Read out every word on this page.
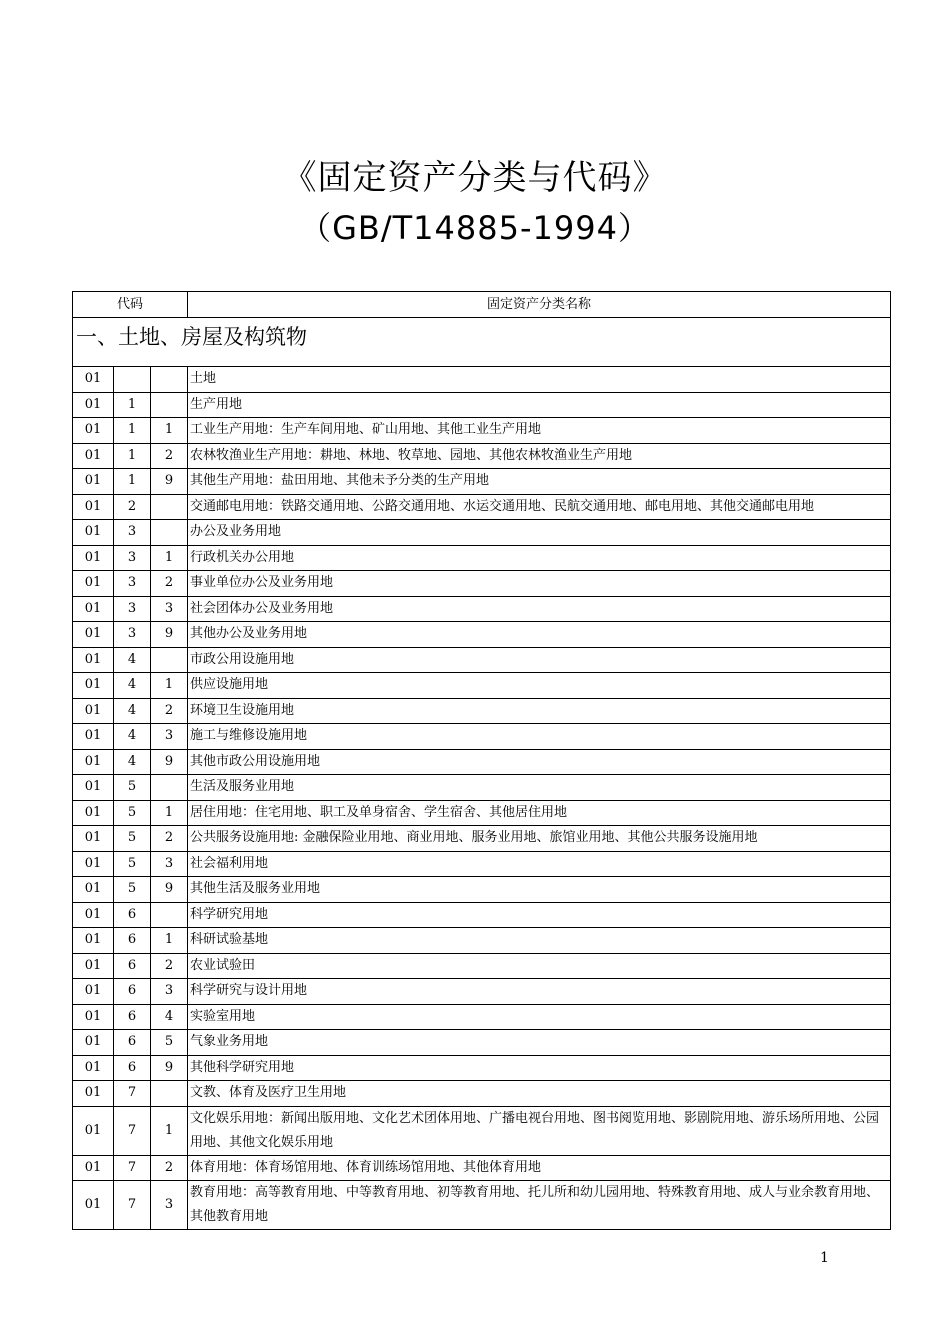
《固定资产分类与代码》
（GB/T14885-1994）
代码			固定资产分类名称
一、土地、房屋及构筑物			
01			土地
01	1		生产用地
01	1	1	工业生产用地：生产车间用地、矿山用地、其他工业生产用地
01	1	2	农林牧渔业生产用地：耕地、林地、牧草地、园地、其他农林牧渔业生产用地
01	1	9	其他生产用地：盐田用地、其他未予分类的生产用地
01	2		交通邮电用地：铁路交通用地、公路交通用地、水运交通用地、民航交通用地、邮电用地、其他交通邮电用地
01	3		办公及业务用地
01	3	1	行政机关办公用地
01	3	2	事业单位办公及业务用地
01	3	3	社会团体办公及业务用地
01	3	9	其他办公及业务用地
01	4		市政公用设施用地
01	4	1	供应设施用地
01	4	2	环境卫生设施用地
01	4	3	施工与维修设施用地
01	4	9	其他市政公用设施用地
01	5		生活及服务业用地
01	5	1	居住用地：住宅用地、职工及单身宿舍、学生宿舍、其他居住用地
01	5	2	公共服务设施用地: 金融保险业用地、商业用地、服务业用地、旅馆业用地、其他公共服务设施用地
01	5	3	社会福利用地
01	5	9	其他生活及服务业用地
01	6		科学研究用地
01	6	1	科研试验基地
01	6	2	农业试验田
01	6	3	科学研究与设计用地
01	6	4	实验室用地
01	6	5	气象业务用地
01	6	9	其他科学研究用地
01	7		文教、体育及医疗卫生用地
01	7	1	文化娱乐用地：新闻出版用地、文化艺术团体用地、广播电视台用地、图书阅览用地、影剧院用地、游乐场所用地、公园用地、其他文化娱乐用地
01	7	2	体育用地：体育场馆用地、体育训练场馆用地、其他体育用地
01	7	3	教育用地：高等教育用地、中等教育用地、初等教育用地、托儿所和幼儿园用地、特殊教育用地、成人与业余教育用地、其他教育用地
1
